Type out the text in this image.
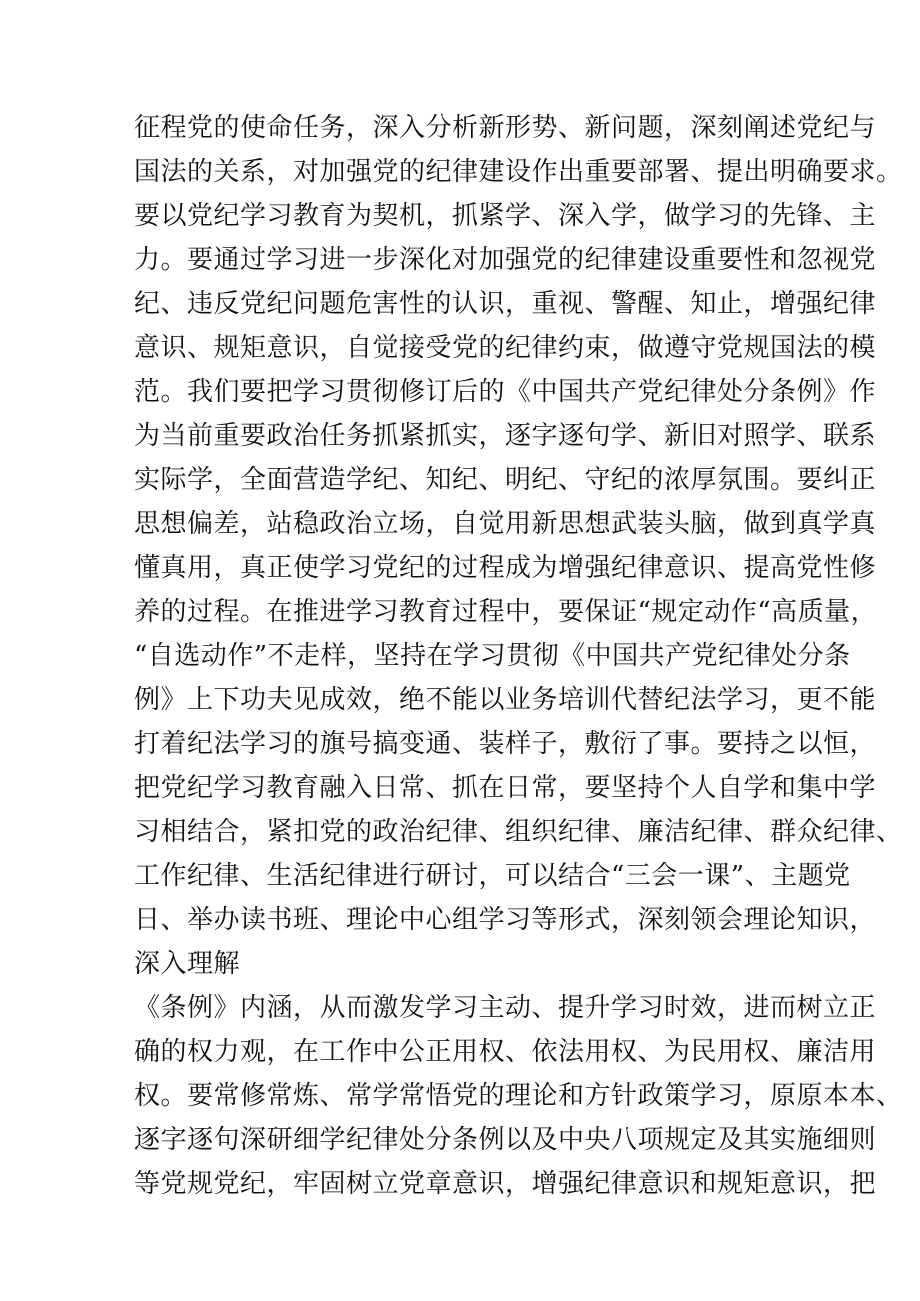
征程党的使命任务，深入分析新形势、新问题，深刻阐述党纪与
国法的关系，对加强党的纪律建设作出重要部署、提出明确要求。
要以党纪学习教育为契机，抓紧学、深入学，做学习的先锋、主
力。要通过学习进一步深化对加强党的纪律建设重要性和忽视党
纪、违反党纪问题危害性的认识，重视、警醒、知止，增强纪律
意识、规矩意识，自觉接受党的纪律约束，做遵守党规国法的模
范。我们要把学习贯彻修订后的《中国共产党纪律处分条例》作
为当前重要政治任务抓紧抓实，逐字逐句学、新旧对照学、联系
实际学，全面营造学纪、知纪、明纪、守纪的浓厚氛围。要纠正
思想偏差，站稳政治立场，自觉用新思想武装头脑，做到真学真
懂真用，真正使学习党纪的过程成为增强纪律意识、提高党性修
养的过程。在推进学习教育过程中，要保证“规定动作“高质量，
“自选动作”不走样，坚持在学习贯彻《中国共产党纪律处分条
例》上下功夫见成效，绝不能以业务培训代替纪法学习，更不能
打着纪法学习的旗号搞变通、装样子，敷衍了事。要持之以恒，
把党纪学习教育融入日常、抓在日常，要坚持个人自学和集中学
习相结合，紧扣党的政治纪律、组织纪律、廉洁纪律、群众纪律、
工作纪律、生活纪律进行研讨，可以结合“三会一课”、主题党
日、举办读书班、理论中心组学习等形式，深刻领会理论知识，
深入理解
《条例》内涵，从而激发学习主动、提升学习时效，进而树立正
确的权力观，在工作中公正用权、依法用权、为民用权、廉洁用
权。要常修常炼、常学常悟党的理论和方针政策学习，原原本本、
逐字逐句深研细学纪律处分条例以及中央八项规定及其实施细则
等党规党纪，牢固树立党章意识，增强纪律意识和规矩意识，把
